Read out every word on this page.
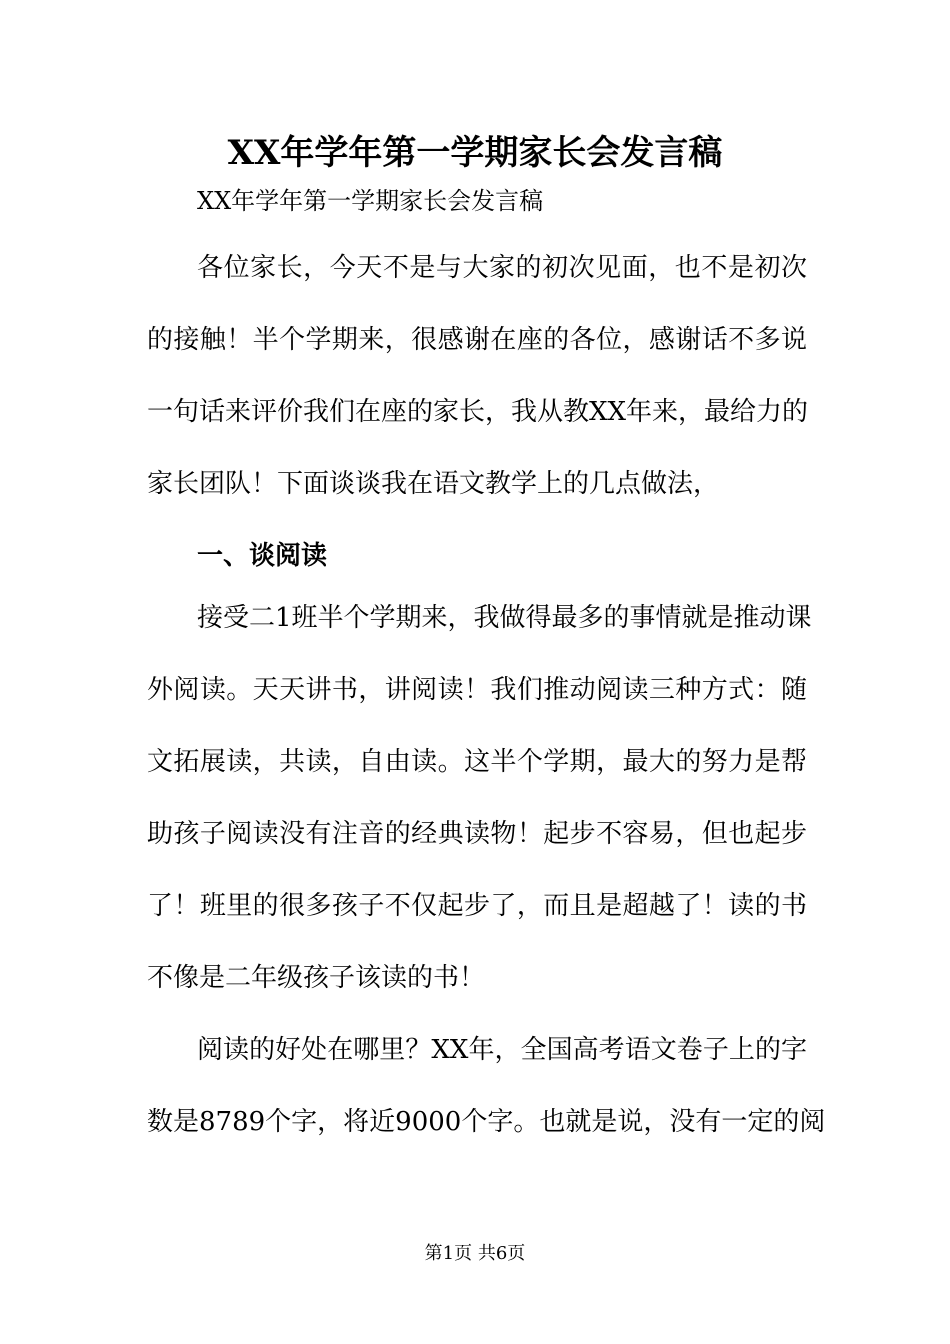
XX年学年第一学期家长会发言稿
XX年学年第一学期家长会发言稿
各位家长，今天不是与大家的初次见面，也不是初次
的接触！半个学期来，很感谢在座的各位，感谢话不多说
一句话来评价我们在座的家长，我从教XX年来，最给力的
家长团队！下面谈谈我在语文教学上的几点做法，
一、谈阅读
接受二1班半个学期来，我做得最多的事情就是推动课
外阅读。天天讲书，讲阅读！我们推动阅读三种方式：随
文拓展读，共读，自由读。这半个学期，最大的努力是帮
助孩子阅读没有注音的经典读物！起步不容易，但也起步
了！班里的很多孩子不仅起步了，而且是超越了！读的书
不像是二年级孩子该读的书！
阅读的好处在哪里？XX年，全国高考语文卷子上的字
数是8789个字，将近9000个字。也就是说，没有一定的阅
第1页 共6页
